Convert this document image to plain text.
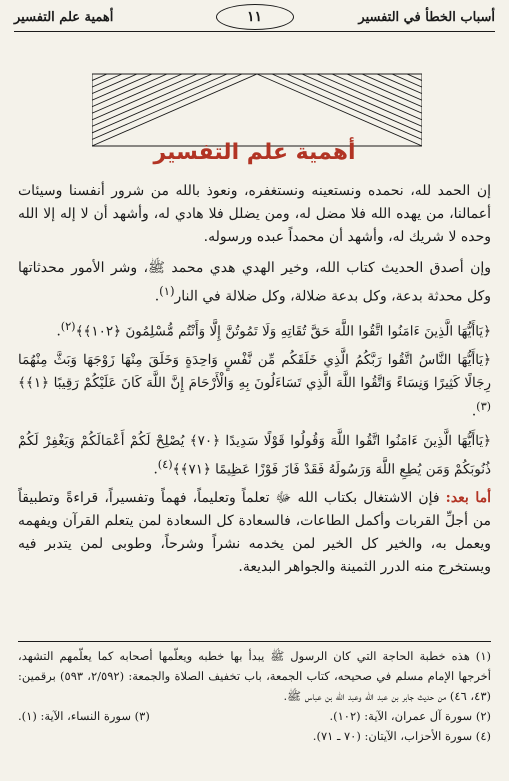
أسباب الخطأ في التفسير
١١
أهمية علم التفسير
أهمية علم التفسير

إن الحمد لله، نحمده ونستعينه ونستغفره، ونعوذ بالله من شرور أنفسنا وسيئات أعمالنا، من يهده الله فلا مضل له، ومن يضلل فلا هادي له، وأشهد أن لا إله إلا الله وحده لا شريك له، وأشهد أن محمداً عبده ورسوله.

وإن أصدق الحديث كتاب الله، وخير الهدي هدي محمد ﷺ، وشر الأمور محدثاتها وكل محدثة بدعة، وكل بدعة ضلالة، وكل ضلالة في النار$^{(١)}$.

﴿يَاأَيُّهَا الَّذِينَ ءَامَنُوا اتَّقُوا اللَّهَ حَقَّ تُقَاتِهِ وَلَا تَمُوتُنَّ إِلَّا وَأَنْتُم مُّسْلِمُونَ ﴿١٠٢﴾﴾$^{(٢)}$.

﴿يَاأَيُّهَا النَّاسُ اتَّقُوا رَبَّكُمُ الَّذِي خَلَقَكُم مِّن نَّفْسٍ وَاحِدَةٍ وَخَلَقَ مِنْهَا زَوْجَهَا وَبَثَّ مِنْهُمَا رِجَالًا كَثِيرًا وَنِسَاءً وَاتَّقُوا اللَّهَ الَّذِي تَسَاءَلُونَ بِهِ وَالْأَرْحَامَ إِنَّ اللَّهَ كَانَ عَلَيْكُمْ رَقِيبًا ﴿١﴾﴾$^{(٣)}$.

﴿يَاأَيُّهَا الَّذِينَ ءَامَنُوا اتَّقُوا اللَّهَ وَقُولُوا قَوْلًا سَدِيدًا ﴿٧٠﴾ يُصْلِحْ لَكُمْ أَعْمَالَكُمْ وَيَغْفِرْ لَكُمْ ذُنُوبَكُمْ وَمَن يُطِعِ اللَّهَ وَرَسُولَهُ فَقَدْ فَازَ فَوْزًا عَظِيمًا ﴿٧١﴾﴾$^{(٤)}$.

أما بعد: فإن الاشتغال بكتاب الله ﷻ تعلماً وتعليماً، فهماً وتفسيراً، قراءةً وتطبيقاً من أجلِّ القربات وأكمل الطاعات، فالسعادة كل السعادة لمن يتعلم القرآن ويفهمه ويعمل به، والخير كل الخير لمن يخدمه نشراً وشرحاً، وطوبى لمن يتدبر فيه ويستخرج منه الدرر الثمينة والجواهر البديعة.

(١) هذه خطبة الحاجة التي كان الرسول ﷺ يبدأ بها خطبه ويعلّمها أصحابه كما يعلّمهم التشهد، أخرجها الإمام مسلم في صحيحه، كتاب الجمعة، باب تخفيف الصلاة والجمعة: (٢/٥٩٢، ٥٩٣) برقمين: (٤٣، ٤٦) من حديث جابر بن عبد الله وعبد الله بن عباس ﷺ.

(٢) سورة آل عمران، الآية: (١٠٢).
(٣) سورة النساء، الآية: (١).

(٤) سورة الأحزاب، الآيتان: (٧٠ ـ ٧١).
